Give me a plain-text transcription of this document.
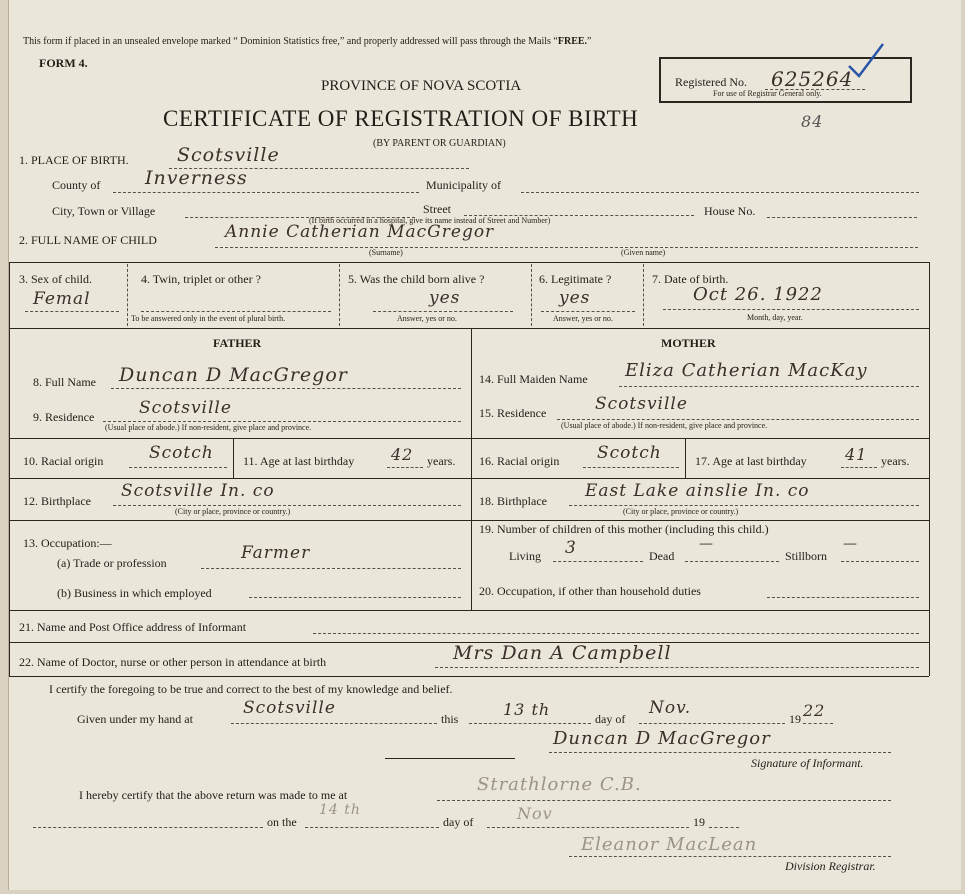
This form if placed in an unsealed envelope marked “ Dominion Statistics free,” and properly addressed will pass through the Mails “FREE.”
FORM 4.
PROVINCE OF NOVA SCOTIA
CERTIFICATE OF REGISTRATION OF BIRTH
(BY PARENT OR GUARDIAN)
84
Registered No. 625264
For use of Registrar General only.
1. PLACE OF BIRTH.	Scotsville
County of Inverness	Municipality of
City, Town or Village	Street	House No.
(If birth occurred in a hospital, give its name instead of Street and Number)
2. FULL NAME OF CHILD	Annie Catherian MacGregor
(Surname)	(Given name)
3. Sex of child.
Femal
4. Twin, triplet or other ?
To be answered only in the event of plural birth.
5. Was the child born alive ?
yes
Answer, yes or no.
6. Legitimate ?
yes
Answer, yes or no.
7. Date of birth.
Oct 26. 1922
Month, day, year.
FATHER	MOTHER
8. Full Name Duncan D MacGregor
9. Residence	Scotsville
(Usual place of abode.) If non-resident, give place and province.
10. Racial origin	Scotch 11. Age at last birthday 42 years.
12. Birthplace Scotsville In. co
(City or place, province or country.)
13. Occupation:—
(a) Trade or profession	Farmer
(b) Business in which employed
14. Full Maiden Name Eliza Catherian MacKay
15. Residence	Scotsville
(Usual place of abode.) If non-resident, give place and province.
16. Racial origin Scotch	17. Age at last birthday 41 years.
18. Birthplace East Lake ainslie In. co
(City or place, province or country.)
19. Number of children of this mother (including this child.)
Living 3	Dead
—
Stillborn
—
20. Occupation, if other than household duties
21. Name and Post Office address of Informant
22. Name of Doctor, nurse or other person in attendance at birth	Mrs Dan A Campbell
I certify the foregoing to be true and correct to the best of my knowledge and belief.
Given under my hand at
Scotsville
this	13 th	day of
Nov.
19 22
Duncan D MacGregor
Signature of Informant.
I hereby certify that the above return was made to me at	Strathlorne C.B.
on the
14 th
day of	Nov	19
Eleanor MacLean
Division Registrar.
